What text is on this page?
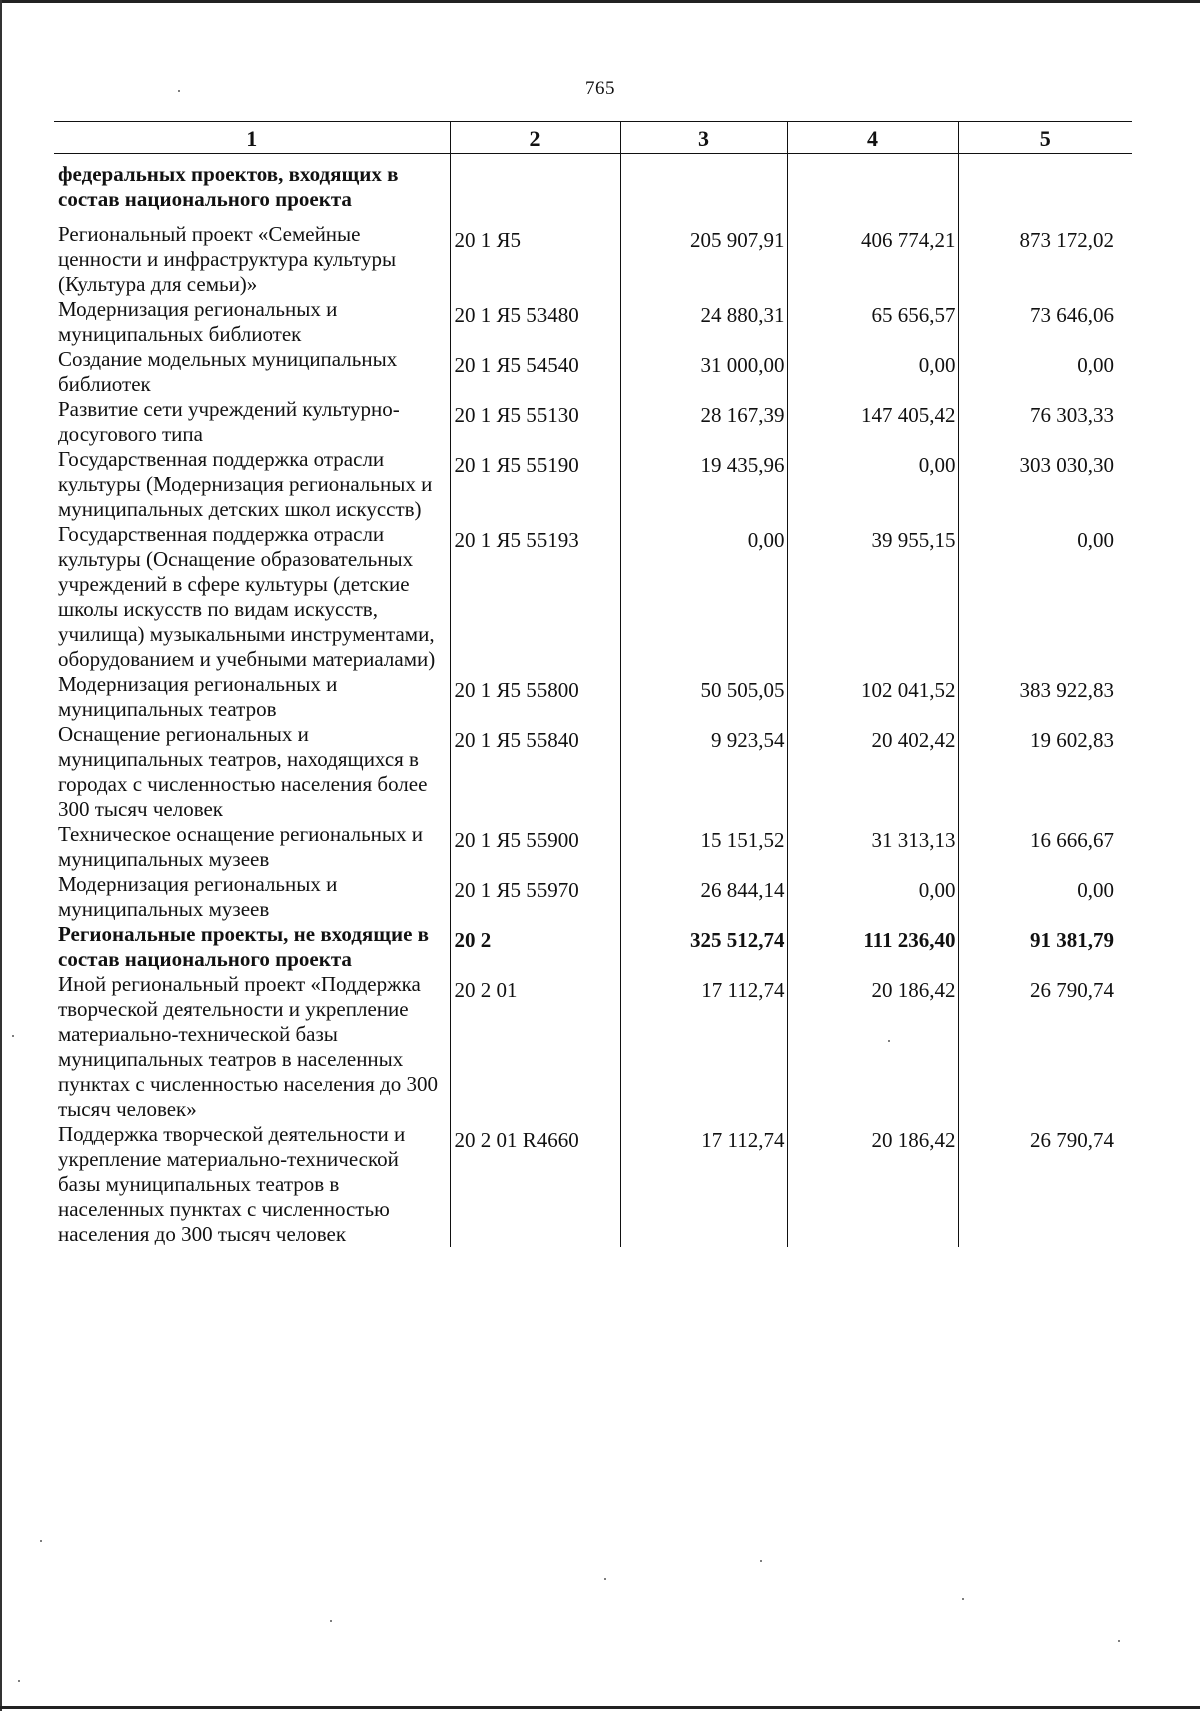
765
1	2	3	4	5
федеральных проектов, входящих в состав национального проекта				
Региональный проект «Семейные ценности и инфраструктура культуры (Культура для семьи)»	20 1 Я5	205 907,91	406 774,21	873 172,02
Модернизация региональных и муниципальных библиотек	20 1 Я5 53480	24 880,31	65 656,57	73 646,06
Создание модельных муниципальных библиотек	20 1 Я5 54540	31 000,00	0,00	0,00
Развитие сети учреждений культурно-досугового типа	20 1 Я5 55130	28 167,39	147 405,42	76 303,33
Государственная поддержка отрасли культуры (Модернизация региональных и муниципальных детских школ искусств)	20 1 Я5 55190	19 435,96	0,00	303 030,30
Государственная поддержка отрасли культуры (Оснащение образовательных учреждений в сфере культуры (детские школы искусств по видам искусств, училища) музыкальными инструментами, оборудованием и учебными материалами)	20 1 Я5 55193	0,00	39 955,15	0,00
Модернизация региональных и муниципальных театров	20 1 Я5 55800	50 505,05	102 041,52	383 922,83
Оснащение региональных и муниципальных театров, находящихся в городах с численностью населения более 300 тысяч человек	20 1 Я5 55840	9 923,54	20 402,42	19 602,83
Техническое оснащение региональных и муниципальных музеев	20 1 Я5 55900	15 151,52	31 313,13	16 666,67
Модернизация региональных и муниципальных музеев	20 1 Я5 55970	26 844,14	0,00	0,00
Региональные проекты, не входящие в состав национального проекта	20 2	325 512,74	111 236,40	91 381,79
Иной региональный проект «Поддержка творческой деятельности и укрепление материально-технической базы муниципальных театров в населенных пунктах с численностью населения до 300 тысяч человек»	20 2 01	17 112,74	20 186,42	26 790,74
Поддержка творческой деятельности и укрепление материально-технической базы муниципальных театров в населенных пунктах с численностью населения до 300 тысяч человек	20 2 01 R4660	17 112,74	20 186,42	26 790,74
